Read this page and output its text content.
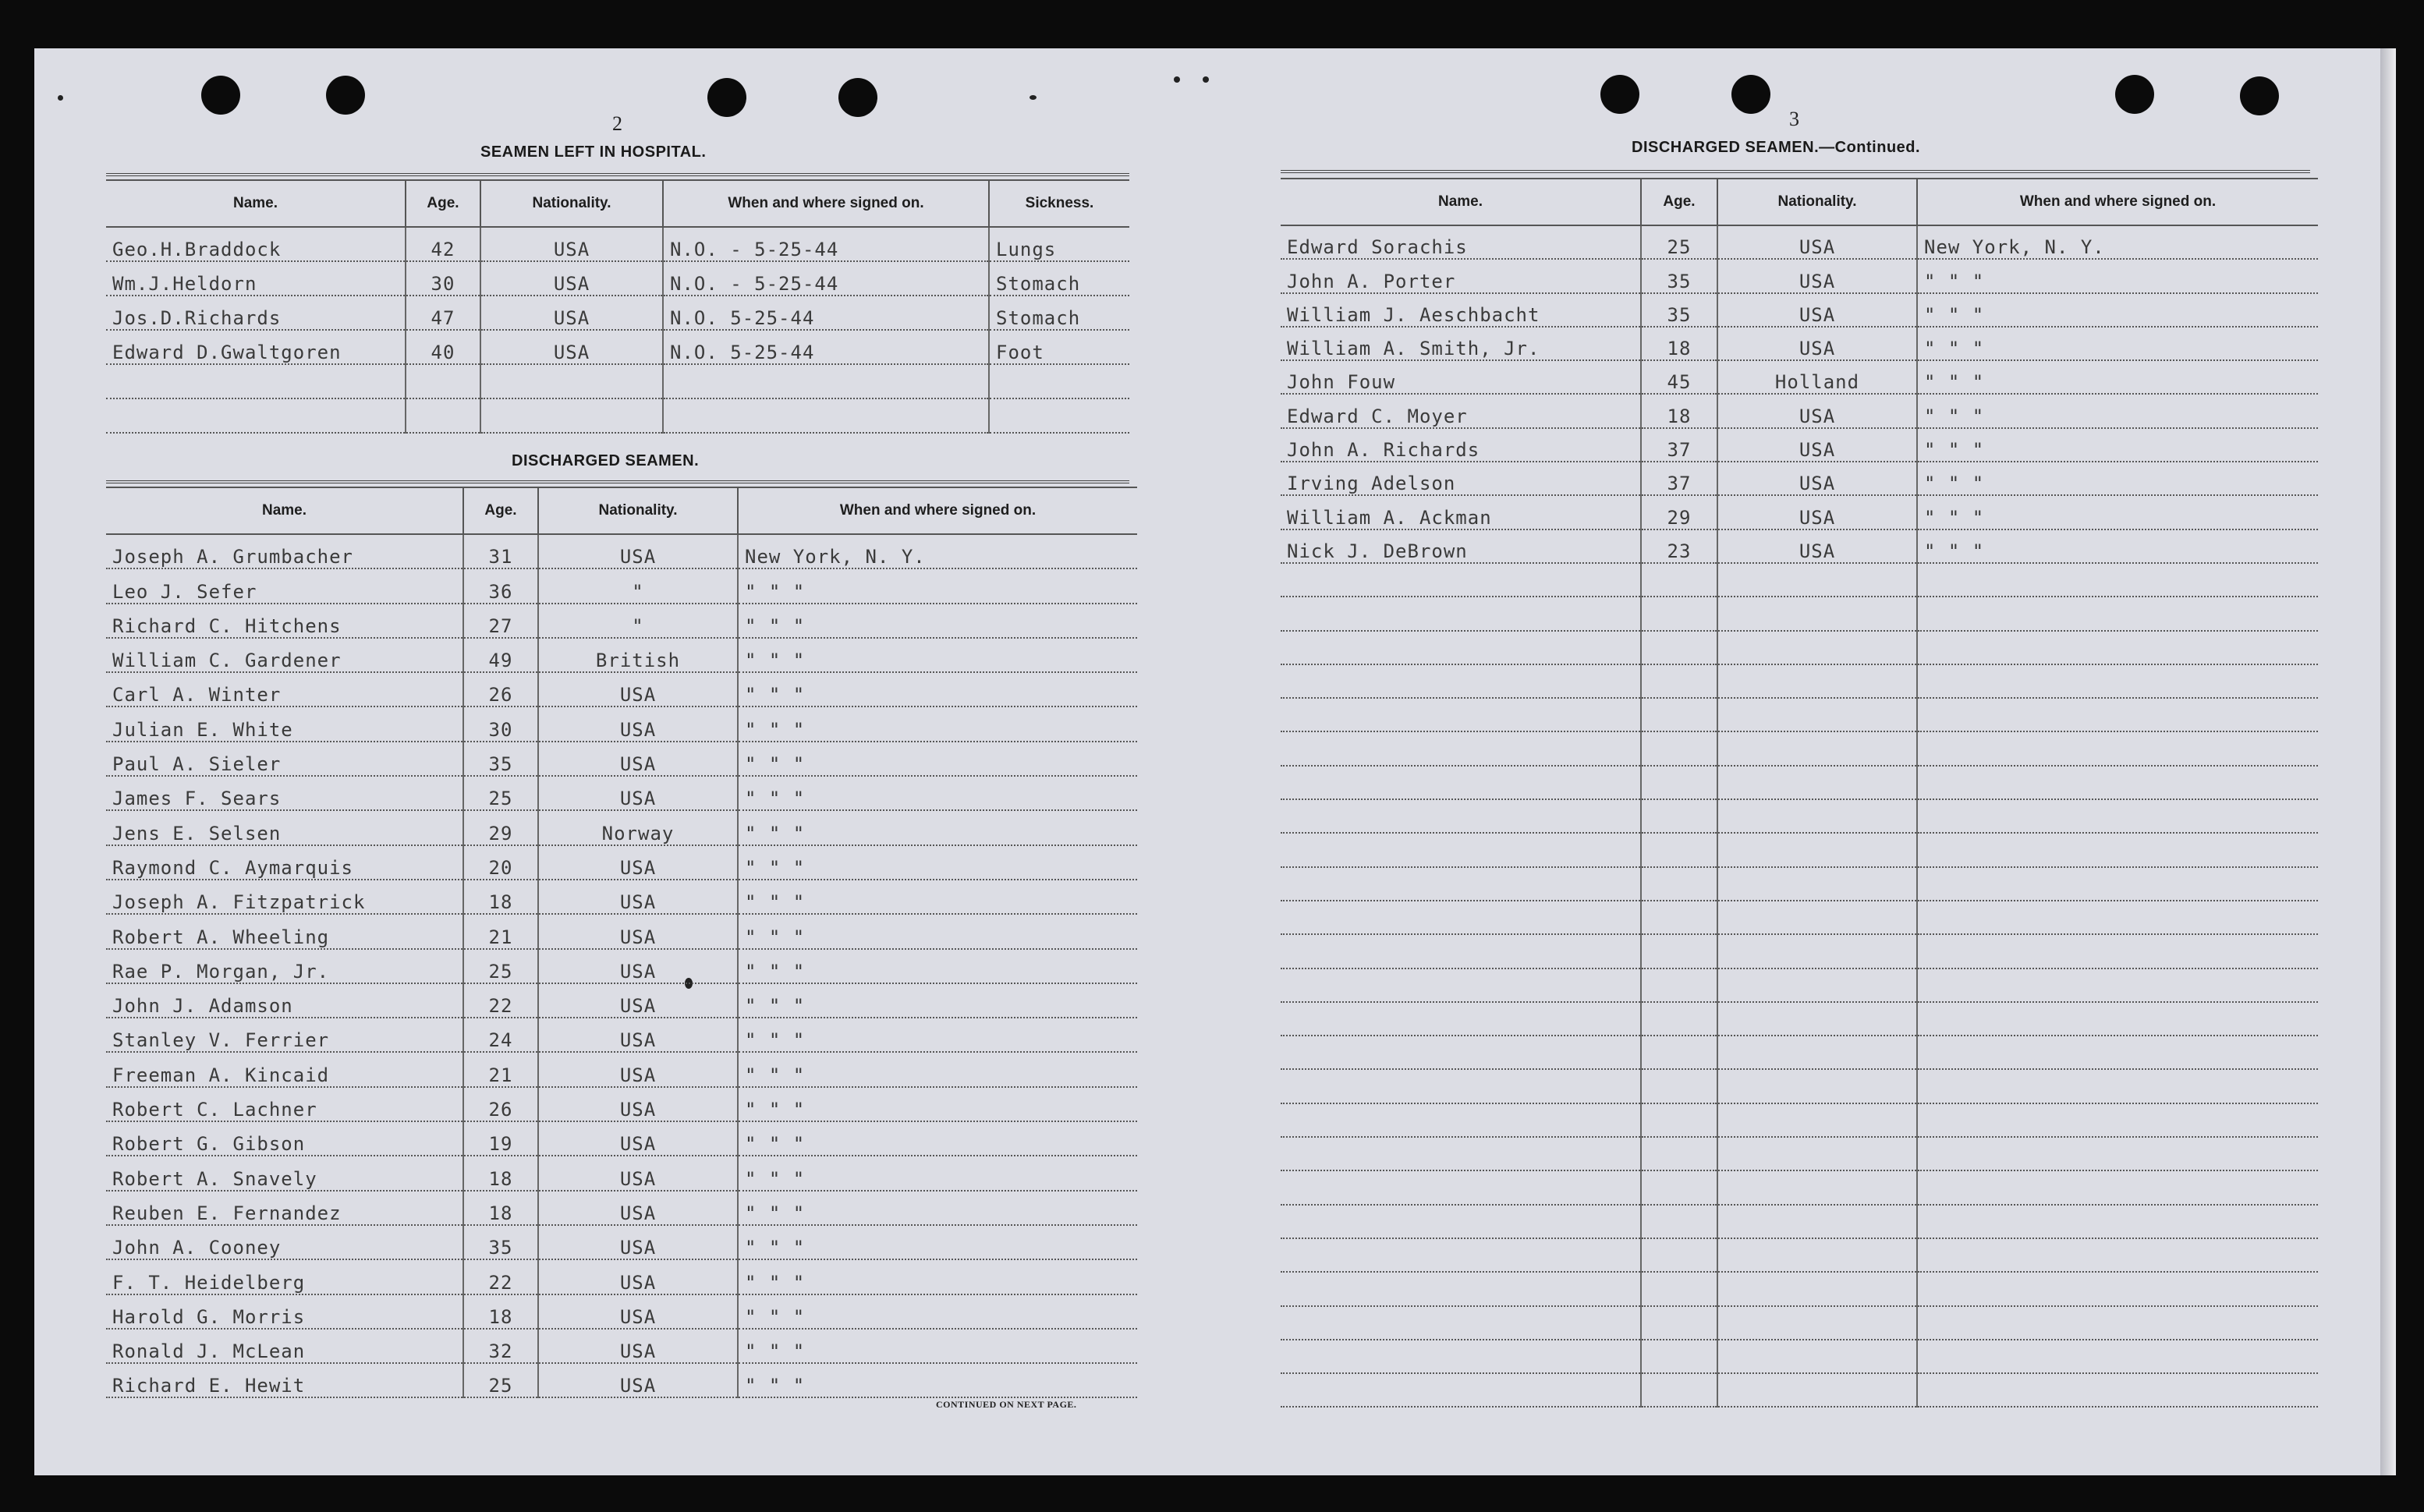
2
SEAMEN LEFT IN HOSPITAL.
Name.	Age.	Nationality.	When and where signed on.	Sickness.
Geo.H.Braddock	42	USA	N.O. - 5-25-44	Lungs
Wm.J.Heldorn	30	USA	N.O. - 5-25-44	Stomach
Jos.D.Richards	47	USA	N.O. 5-25-44	Stomach
Edward D.Gwaltgoren	40	USA	N.O. 5-25-44	Foot

DISCHARGED SEAMEN.
Name.	Age.	Nationality.	When and where signed on.
Joseph A. Grumbacher	31	USA	New York, N. Y.
Leo J. Sefer	36	"	" " "
Richard C. Hitchens	27	"	" " "
William C. Gardener	49	British	" " "
Carl A. Winter	26	USA	" " "
Julian E. White	30	USA	" " "
Paul A. Sieler	35	USA	" " "
James F. Sears	25	USA	" " "
Jens E. Selsen	29	Norway	" " "
Raymond C. Aymarquis	20	USA	" " "
Joseph A. Fitzpatrick	18	USA	" " "
Robert A. Wheeling	21	USA	" " "
Rae P. Morgan, Jr.	25	USA	" " "
John J. Adamson	22	USA	" " "
Stanley V. Ferrier	24	USA	" " "
Freeman A. Kincaid	21	USA	" " "
Robert C. Lachner	26	USA	" " "
Robert G. Gibson	19	USA	" " "
Robert A. Snavely	18	USA	" " "
Reuben E. Fernandez	18	USA	" " "
John A. Cooney	35	USA	" " "
F. T. Heidelberg	22	USA	" " "
Harold G. Morris	18	USA	" " "
Ronald J. McLean	32	USA	" " "
Richard E. Hewit	25	USA	" " "
CONTINUED ON NEXT PAGE.
3
DISCHARGED SEAMEN.—Continued.
Name.	Age.	Nationality.	When and where signed on.
Edward Sorachis	25	USA	New York, N. Y.
John A. Porter	35	USA	" " "
William J. Aeschbacht	35	USA	" " "
William A. Smith, Jr.	18	USA	" " "
John Fouw	45	Holland	" " "
Edward C. Moyer	18	USA	" " "
John A. Richards	37	USA	" " "
Irving Adelson	37	USA	" " "
William A. Ackman	29	USA	" " "
Nick J. DeBrown	23	USA	" " "
